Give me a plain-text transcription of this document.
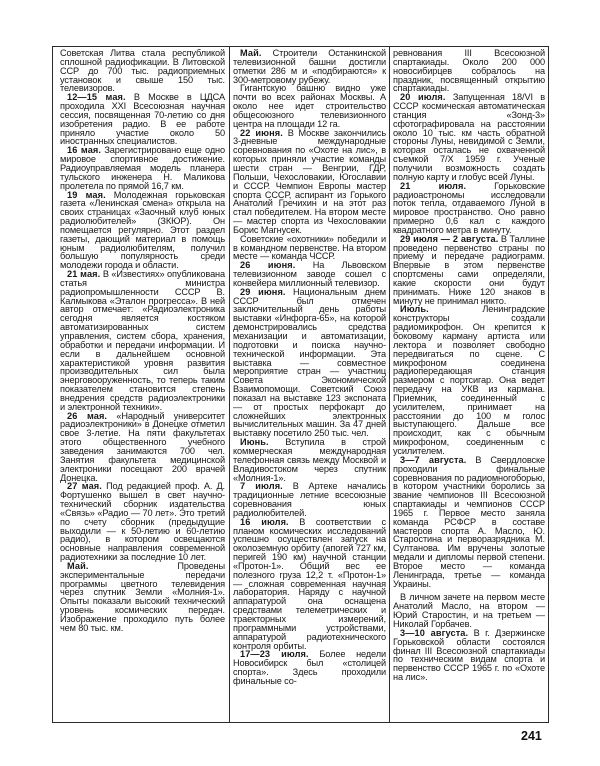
Советская Литва стала республикой сплошной радиофикации. В Литовской ССР до 700 тыс. радиоприемных установок и свыше 150 тыс. телевизоров.

12—15 мая. В Москве в ЦДСА проходила XXI Всесоюзная научная сессия, посвященная 70-летию со дня изобретения радио. В ее работе приняло участие около 50 иностранных специалистов.

16 мая. Зарегистрировано еще одно мировое спортивное достижение. Радиоуправляемая модель планера тульского инженера Н. Маликова пролетела по прямой 16,7 км.

19 мая. Молодежная горьковская газета «Ленинская смена» открыла на своих страницах «Заочный клуб юных радиолюбителей» (ЗКЮР). Он помещается регулярно. Этот раздел газеты, дающий материал в помощь юным радиолюбителям, получил большую популярность среди молодежи города и области.

21 мая. В «Известиях» опубликована статья министра радиопромышленности СССР В. Калмыкова «Эталон прогресса». В ней автор отмечает: «Радиоэлектроника сегодня является костяком автоматизированных систем управления, систем сбора, хранения, обработки и передачи информации. И если в дальнейшем основной характеристикой уровня развития производительных сил была энерговооруженность, то теперь таким показателем становится степень внедрения средств радиоэлектроники и электронной техники».

26 мая. «Народный университет радиоэлектроники» в Донецке отметил свое 3-летие. На пяти факультетах этого общественного учебного заведения занимаются 700 чел. Занятия факультета медицинской электроники посещают 200 врачей Донецка.

27 мая. Под редакцией проф. А. Д. Фортушенко вышел в свет научно-технический сборник издательства «Связь» «Радио — 70 лет». Это третий по счету сборник (предыдущие выходили — к 50-летию и 60-летию радио), в котором освещаются основные направления современной радиотехники за последние 10 лет.

Май.	Проведены экспериментальные передачи программы цветного телевидения через спутник Земли «Молния-1». Опыты показали высокий технический уровень космических передач. Изображение проходило путь более чем 80 тыс. км.

Май. Строители Останкинской телевизионной башни достигли отметки 286 м и «подбираются» к 300-метровому рубежу.

Гигантскую башню видно уже почти во всех районах Москвы. А около нее идет строительство общесоюзного телевизионного центра на площади 12 га.

22 июня. В Москве закончились 3-дневные международные соревнования по «Охоте на лис», в которых приняли участие команды шести стран — Венгрии, ГДР, Польши, Чехословакии, Югославии и СССР. Чемпион Европы мастер спорта СССР, аспирант из Горького Анатолий Гречихин и на этот раз стал победителем. На втором месте — мастер спорта из Чехословакии Борис Магнусек.

Советские «охотники» победили и в командном первенстве. На втором месте — команда ЧССР.

26 июня. На Львовском телевизионном заводе сошел с конвейера миллионный телевизор.

29 июня. Национальным днем СССР был отмечен заключительный день работы выставки «Инфорга-65», на которой демонстрировались средства механизации и автоматизации, подготовки и поиска научно-технической информации. Эта выставка — совместное мероприятие стран — участниц Совета Экономической Взаимопомощи. Советский Союз показал на выставке 123 экспоната — от простых перфокарт до сложнейших электронных вычислительных машин. За 47 дней выставку посетило 250 тыс. чел.

Июнь. Вступила в строй коммерческая международная телефонная связь между Москвой и Владивостоком через спутник «Молния-1».

7 июля. В Артеке начались традиционные летние всесоюзные соревнования юных радиолюбителей.

16 июля. В соответствии с планом космических исследований успешно осуществлен запуск на околоземную орбиту (апогей 727 км, перигей 190 км) научной станции «Протон-1». Общий вес ее полезного груза 12,2 т. «Протон-1» — сложная современная научная лаборатория. Наряду с научной аппаратурой она оснащена средствами телеметрических и траекторных измерений, программными устройствами, аппаратурой радиотехнического контроля орбиты.

17—23 июля. Более недели Новосибирск был «столицей спорта». Здесь проходили финальные со-

ревнования III Всесоюзной спартакиады. Около 200 000 новосибирцев собралось на праздник, посвященный открытию спартакиады.

20 июля. Запущенная 18/VI в СССР космическая автоматическая станция «Зонд-3» сфотографировала на расстоянии около 10 тыс. км часть обратной стороны Луны, невидимой с Земли, которая осталась не охваченной съемкой 7/X 1959 г. Ученые получили возможность создать полную карту и глобус всей Луны.

21 июля.	Горьковские радиоастрономы исследовали поток тепла, отдаваемого Луной в мировое пространство. Оно равно примерно 0,6 кал с каждого квадратного метра в минуту.

29 июля — 2 августа. В Таллине проведено первенство страны по приему и передаче радиограмм. Впервые в этом первенстве спортсмены сами определяли, какие скорости они будут принимать. Ниже 120 знаков в минуту не принимал никто.

Июль.	Ленинградские конструкторы создали радиомикрофон. Он крепится к боковому карману артиста или лектора и позволяет свободно передвигаться по сцене. С микрофоном соединена радиопередающая станция размером с портсигар. Она ведет передачу на УКВ из кармана. Приемник, соединенный с усилителем, принимает на расстоянии до 100 м голос выступающего. Дальше все происходит, как с обычным микрофоном, соединенным с усилителем.

3—7 августа. В Свердловске проходили финальные соревнования по радиомногоборью, в котором участники боролись за звание чемпионов III Всесоюзной спартакиады и чемпионов СССР 1965 г. Первое место заняла команда РСФСР в составе мастеров спорта А. Масло, Ю. Старостина и перворазрядника М. Султанова. Им вручены золотые медали и дипломы первой степени. Второе место — команда Ленинграда, третье — команда Украины.

В личном зачете на первом месте Анатолий Масло, на втором — Юрий Старостин, и на третьем — Николай Горбачев.

3—10 августа. В г. Дзержинске Горьковской области состоялся финал III Всесоюзной спартакиады по техническим видам спорта и первенство СССР 1965 г. по «Охоте на лис».

241
